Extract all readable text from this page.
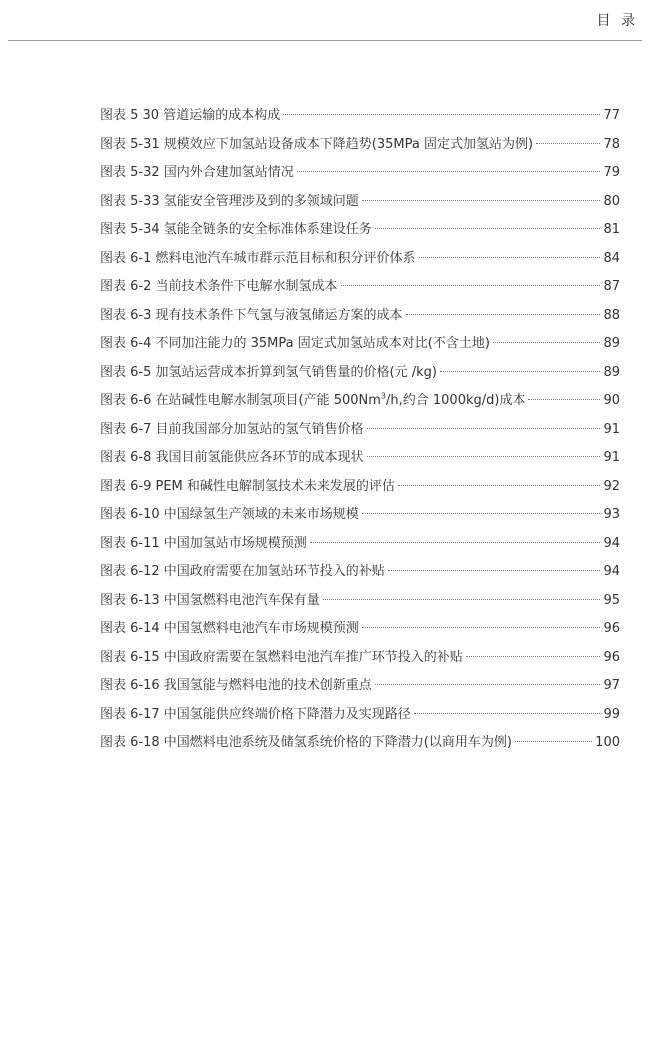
目 录
图表 5 30 管道运输的成本构成	77
图表 5-31 规模效应下加氢站设备成本下降趋势(35MPa 固定式加氢站为例)	78
图表 5-32 国内外合建加氢站情况	79
图表 5-33 氢能安全管理涉及到的多领域问题	80
图表 5-34 氢能全链条的安全标准体系建设任务	81
图表 6-1 燃料电池汽车城市群示范目标和积分评价体系	84
图表 6-2 当前技术条件下电解水制氢成本	87
图表 6-3 现有技术条件下气氢与液氢储运方案的成本	88
图表 6-4 不同加注能力的 35MPa 固定式加氢站成本对比(不含土地)	89
图表 6-5 加氢站运营成本折算到氢气销售量的价格(元 /kg)	89
图表 6-6 在站碱性电解水制氢项目(产能 500Nm$^3$/h,约合 1000kg/d)成本	90
图表 6-7 目前我国部分加氢站的氢气销售价格	91
图表 6-8 我国目前氢能供应各环节的成本现状	91
图表 6-9 PEM 和碱性电解制氢技术未来发展的评估	92
图表 6-10 中国绿氢生产领域的未来市场规模	93
图表 6-11 中国加氢站市场规模预测	94
图表 6-12 中国政府需要在加氢站环节投入的补贴	94
图表 6-13 中国氢燃料电池汽车保有量	95
图表 6-14 中国氢燃料电池汽车市场规模预测	96
图表 6-15 中国政府需要在氢燃料电池汽车推广环节投入的补贴	96
图表 6-16 我国氢能与燃料电池的技术创新重点	97
图表 6-17 中国氢能供应终端价格下降潜力及实现路径	99
图表 6-18 中国燃料电池系统及储氢系统价格的下降潜力(以商用车为例)	100
